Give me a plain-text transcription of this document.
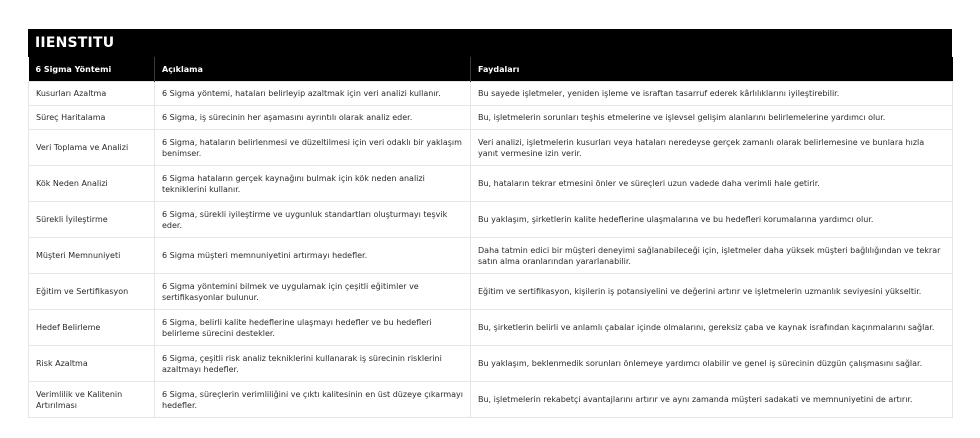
IIENSTITU
6 Sigma Yöntemi	Açıklama	Faydaları
Kusurları Azaltma	6 Sigma yöntemi, hataları belirleyip azaltmak için veri analizi kullanır.	Bu sayede işletmeler, yeniden işleme ve israftan tasarruf ederek kârlılıklarını iyileştirebilir.
Süreç Haritalama	6 Sigma, iş sürecinin her aşamasını ayrıntılı olarak analiz eder.	Bu, işletmelerin sorunları teşhis etmelerine ve işlevsel gelişim alanlarını belirlemelerine yardımcı olur.
Veri Toplama ve Analizi	6 Sigma, hataların belirlenmesi ve düzeltilmesi için veri odaklı bir yaklaşım benimser.	Veri analizi, işletmelerin kusurları veya hataları neredeyse gerçek zamanlı olarak belirlemesine ve bunlara hızla yanıt vermesine izin verir.
Kök Neden Analizi	6 Sigma hataların gerçek kaynağını bulmak için kök neden analizi tekniklerini kullanır.	Bu, hataların tekrar etmesini önler ve süreçleri uzun vadede daha verimli hale getirir.
Sürekli İyileştirme	6 Sigma, sürekli iyileştirme ve uygunluk standartları oluşturmayı teşvik eder.	Bu yaklaşım, şirketlerin kalite hedeflerine ulaşmalarına ve bu hedefleri korumalarına yardımcı olur.
Müşteri Memnuniyeti	6 Sigma müşteri memnuniyetini artırmayı hedefler.	Daha tatmin edici bir müşteri deneyimi sağlanabileceği için, işletmeler daha yüksek müşteri bağlılığından ve tekrar satın alma oranlarından yararlanabilir.
Eğitim ve Sertifikasyon	6 Sigma yöntemini bilmek ve uygulamak için çeşitli eğitimler ve sertifikasyonlar bulunur.	Eğitim ve sertifikasyon, kişilerin iş potansiyelini ve değerini artırır ve işletmelerin uzmanlık seviyesini yükseltir.
Hedef Belirleme	6 Sigma, belirli kalite hedeflerine ulaşmayı hedefler ve bu hedefleri belirleme sürecini destekler.	Bu, şirketlerin belirli ve anlamlı çabalar içinde olmalarını, gereksiz çaba ve kaynak israfından kaçınmalarını sağlar.
Risk Azaltma	6 Sigma, çeşitli risk analiz tekniklerini kullanarak iş sürecinin risklerini azaltmayı hedefler.	Bu yaklaşım, beklenmedik sorunları önlemeye yardımcı olabilir ve genel iş sürecinin düzgün çalışmasını sağlar.
Verimlilik ve Kalitenin Artırılması	6 Sigma, süreçlerin verimliliğini ve çıktı kalitesinin en üst düzeye çıkarmayı hedefler.	Bu, işletmelerin rekabetçi avantajlarını artırır ve aynı zamanda müşteri sadakati ve memnuniyetini de artırır.
